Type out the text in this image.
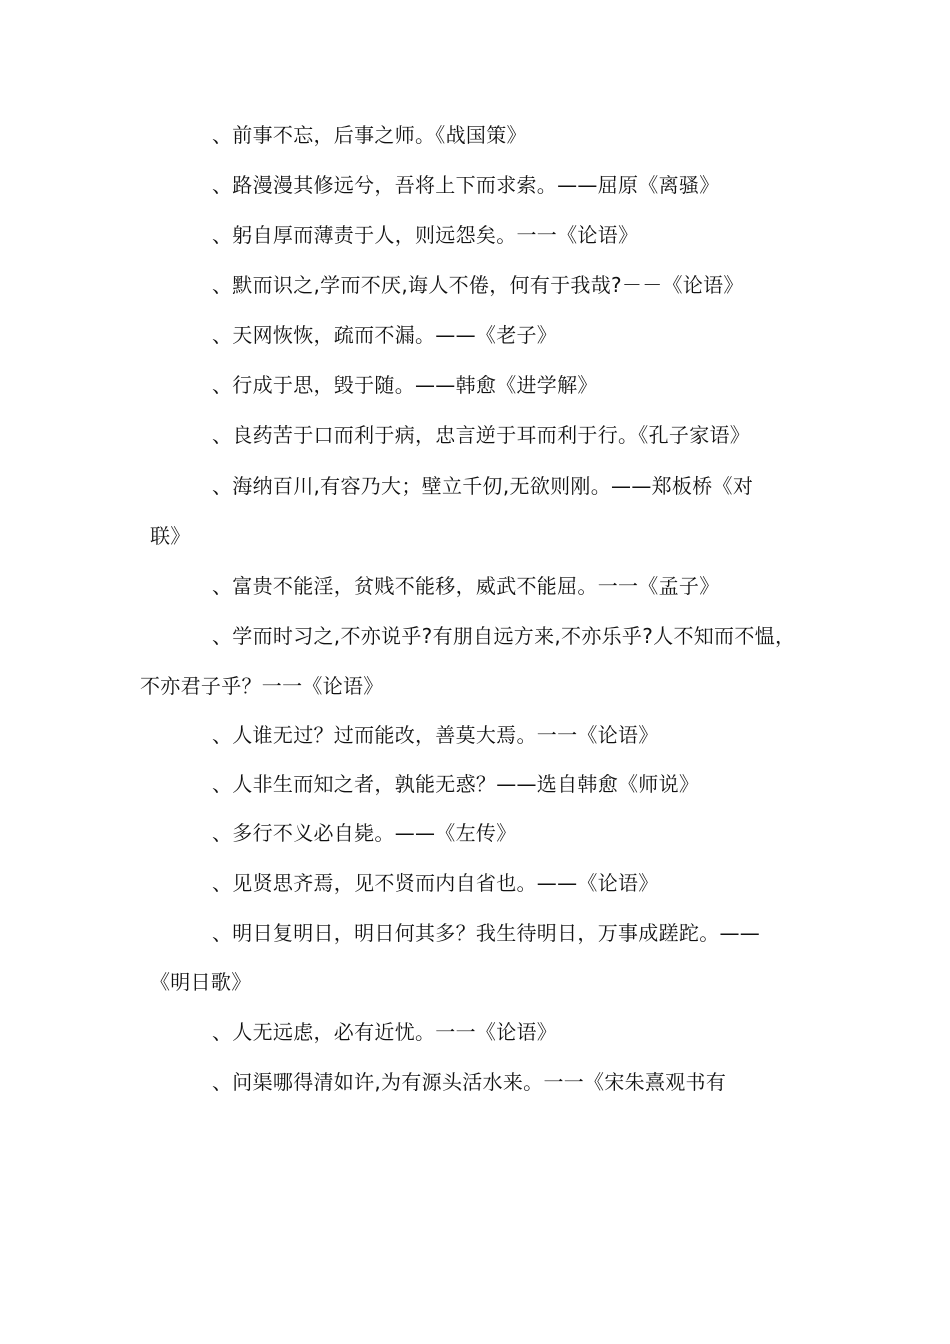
、前事不忘，后事之师。《战国策》
、路漫漫其修远兮，吾将上下而求索。——屈原《离骚》
、躬自厚而薄责于人，则远怨矣。一一《论语》
、默而识之,学而不厌,诲人不倦，何有于我哉?－－《论语》
、天网恢恢，疏而不漏。——《老子》
、行成于思，毁于随。——韩愈《进学解》
、良药苦于口而利于病，忠言逆于耳而利于行。《孔子家语》
、海纳百川,有容乃大；壁立千仞,无欲则刚。——郑板桥《对
联》
、富贵不能淫，贫贱不能移，威武不能屈。一一《孟子》
、学而时习之,不亦说乎?有朋自远方来,不亦乐乎?人不知而不愠，
不亦君子乎？一一《论语》
、人谁无过？过而能改，善莫大焉。一一《论语》
、人非生而知之者，孰能无惑？——选自韩愈《师说》
、多行不义必自毙。——《左传》
、见贤思齐焉，见不贤而内自省也。——《论语》
、明日复明日，明日何其多？我生待明日，万事成蹉跎。——
《明日歌》
、人无远虑，必有近忧。一一《论语》
、问渠哪得清如许,为有源头活水来。一一《宋朱熹观书有
